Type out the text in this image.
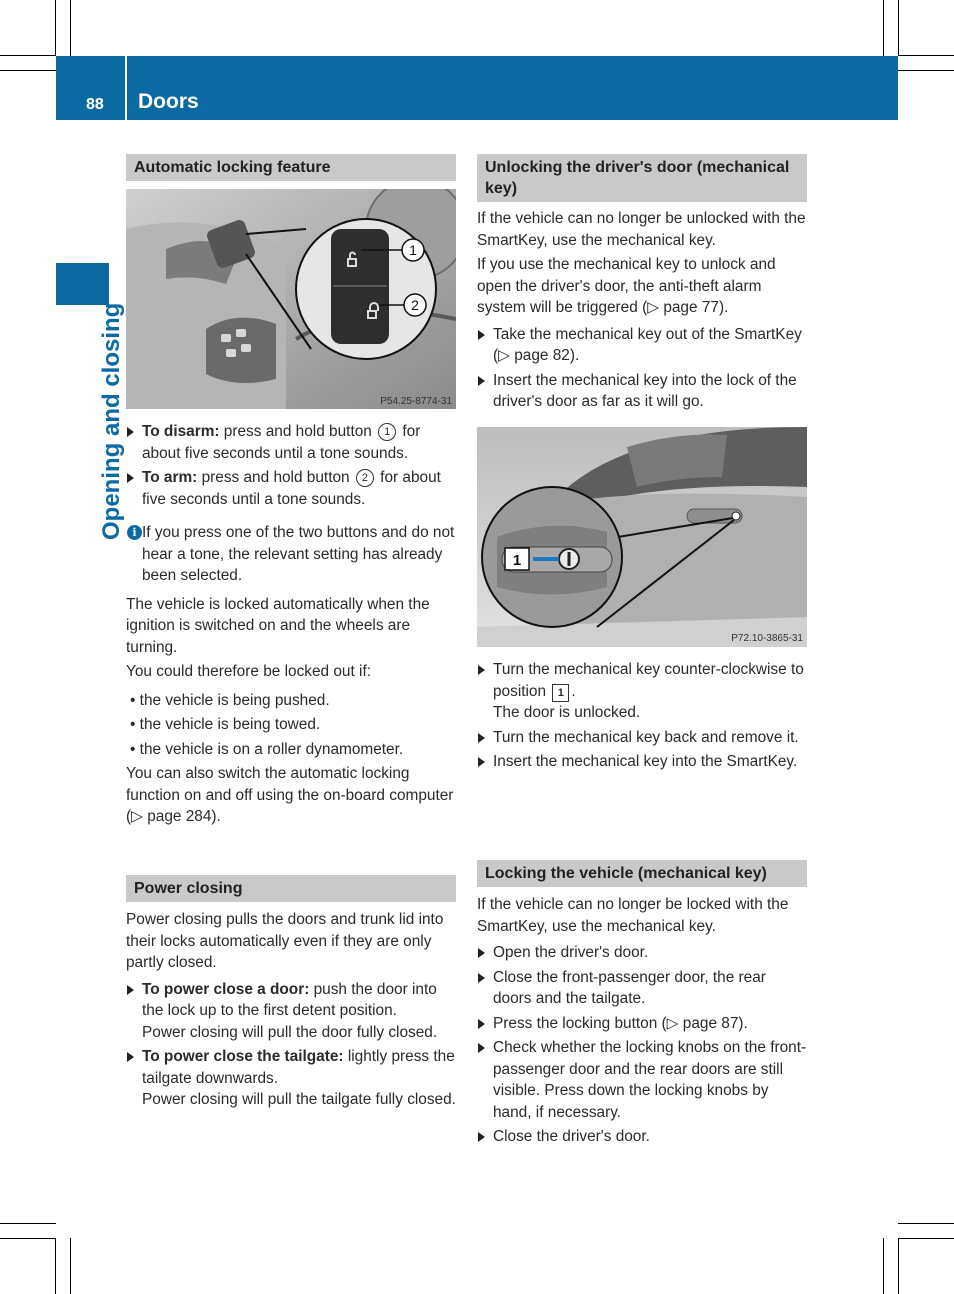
88 Doors
Opening and closing
Automatic locking feature
1
2
P54.25-8774-31
To disarm: press and hold button 1 for about five seconds until a tone sounds.
To arm: press and hold button 2 for about five seconds until a tone sounds.
i If you press one of the two buttons and do not hear a tone, the relevant setting has already been selected.

The vehicle is locked automatically when the ignition is switched on and the wheels are turning.

You could therefore be locked out if:

• the vehicle is being pushed.

• the vehicle is being towed.

• the vehicle is on a roller dynamometer.

You can also switch the automatic locking function on and off using the on-board computer (▷ page 284).

Power closing

Power closing pulls the doors and trunk lid into their locks automatically even if they are only partly closed.

To power close a door: push the door into the lock up to the first detent position.
Power closing will pull the door fully closed.
To power close the tailgate: lightly press the tailgate downwards.
Power closing will pull the tailgate fully closed.
Unlocking the driver's door (mechanical key)

If the vehicle can no longer be unlocked with the SmartKey, use the mechanical key.

If you use the mechanical key to unlock and open the driver's door, the anti-theft alarm system will be triggered (▷ page 77).

Take the mechanical key out of the SmartKey (▷ page 82).
Insert the mechanical key into the lock of the driver's door as far as it will go.
1
P72.10-3865-31
Turn the mechanical key counter-clockwise to position 1 .
The door is unlocked.
Turn the mechanical key back and remove it.
Insert the mechanical key into the SmartKey.
Locking the vehicle (mechanical key)

If the vehicle can no longer be locked with the SmartKey, use the mechanical key.

Open the driver's door.
Close the front-passenger door, the rear doors and the tailgate.
Press the locking button (▷ page 87).
Check whether the locking knobs on the front-passenger door and the rear doors are still visible. Press down the locking knobs by hand, if necessary.
Close the driver's door.
